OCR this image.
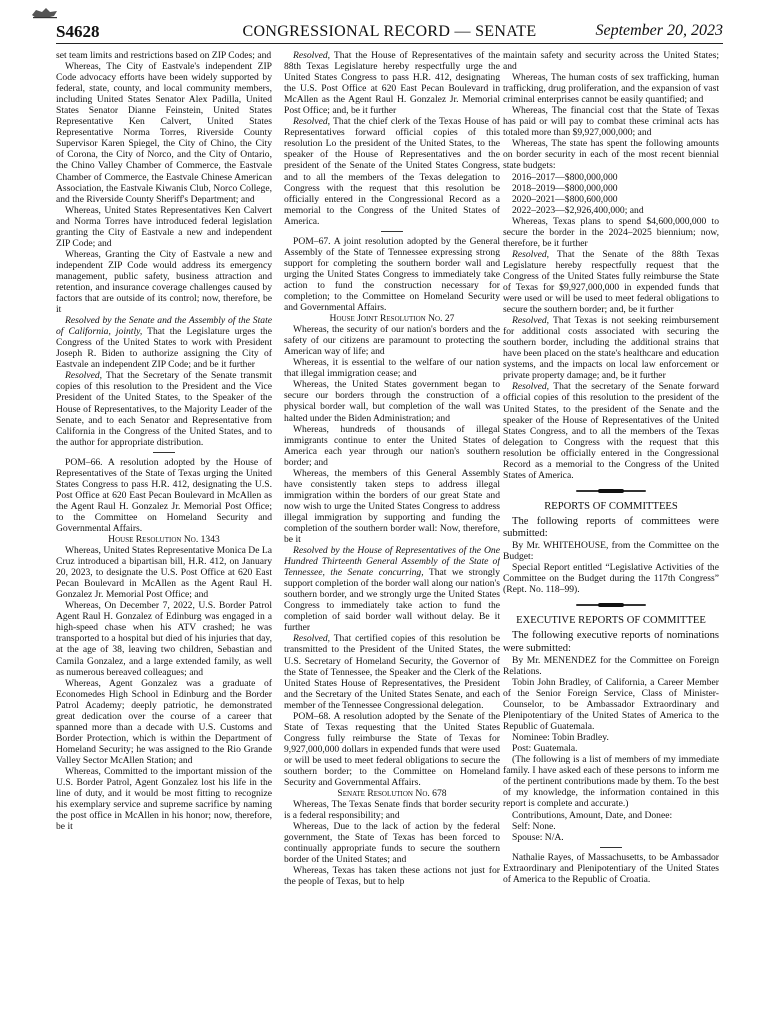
S4628	CONGRESSIONAL RECORD — SENATE	September 20, 2023

set team limits and restrictions based on ZIP Codes; and

Whereas, The City of Eastvale's independent ZIP Code advocacy efforts have been widely supported by federal, state, county, and local community members, including United States Senator Alex Padilla, United States Senator Dianne Feinstein, United States Representative Ken Calvert, United States Representative Norma Torres, Riverside County Supervisor Karen Spiegel, the City of Chino, the City of Corona, the City of Norco, and the City of Ontario, the Chino Valley Chamber of Commerce, the Eastvale Chamber of Commerce, the Eastvale Chinese American Association, the Eastvale Kiwanis Club, Norco College, and the Riverside County Sheriff's Department; and

Whereas, United States Representatives Ken Calvert and Norma Torres have introduced federal legislation granting the City of Eastvale a new and independent ZIP Code; and

Whereas, Granting the City of Eastvale a new and independent ZIP Code would address its emergency management, public safety, business attraction and retention, and insurance coverage challenges caused by factors that are outside of its control; now, therefore, be it

Resolved by the Senate and the Assembly of the State of California, jointly, That the Legislature urges the Congress of the United States to work with President Joseph R. Biden to authorize assigning the City of Eastvale an independent ZIP Code; and be it further

Resolved, That the Secretary of the Senate transmit copies of this resolution to the President and the Vice President of the United States, to the Speaker of the House of Representatives, to the Majority Leader of the Senate, and to each Senator and Representative from California in the Congress of the United States, and to the author for appropriate distribution.

POM–66. A resolution adopted by the House of Representatives of the State of Texas urging the United States Congress to pass H.R. 412, designating the U.S. Post Office at 620 East Pecan Boulevard in McAllen as the Agent Raul H. Gonzalez Jr. Memorial Post Office; to the Committee on Homeland Security and Governmental Affairs.

House Resolution No. 1343

Whereas, United States Representative Monica De La Cruz introduced a bipartisan bill, H.R. 412, on January 20, 2023, to designate the U.S. Post Office at 620 East Pecan Boulevard in McAllen as the Agent Raul H. Gonzalez Jr. Memorial Post Office; and

Whereas, On December 7, 2022, U.S. Border Patrol Agent Raul H. Gonzalez of Edinburg was engaged in a high-speed chase when his ATV crashed; he was transported to a hospital but died of his injuries that day, at the age of 38, leaving two children, Sebastian and Camila Gonzalez, and a large extended family, as well as numerous bereaved colleagues; and

Whereas, Agent Gonzalez was a graduate of Economedes High School in Edinburg and the Border Patrol Academy; deeply patriotic, he demonstrated great dedication over the course of a career that spanned more than a decade with U.S. Customs and Border Protection, which is within the Department of Homeland Security; he was assigned to the Rio Grande Valley Sector McAllen Station; and

Whereas, Committed to the important mission of the U.S. Border Patrol, Agent Gonzalez lost his life in the line of duty, and it would be most fitting to recognize his exemplary service and supreme sacrifice by naming the post office in McAllen in his honor; now, therefore, be it

Resolved, That the House of Representatives of the 88th Texas Legislature hereby respectfully urge the United States Congress to pass H.R. 412, designating the U.S. Post Office at 620 East Pecan Boulevard in McAllen as the Agent Raul H. Gonzalez Jr. Memorial Post Office; and, be it further

Resolved, That the chief clerk of the Texas House of Representatives forward official copies of this resolution Lo the president of the United States, to the speaker of the House of Representatives and the president of the Senate of the United States Congress, and to all the members of the Texas delegation to Congress with the request that this resolution be officially entered in the Congressional Record as a memorial to the Congress of the United States of America.

POM–67. A joint resolution adopted by the General Assembly of the State of Tennessee expressing strong support for completing the southern border wall and urging the United States Congress to immediately take action to fund the construction necessary for completion; to the Committee on Homeland Security and Governmental Affairs.

House Joint Resolution No. 27

Whereas, the security of our nation's borders and the safety of our citizens are paramount to protecting the American way of life; and

Whereas, it is essential to the welfare of our nation that illegal immigration cease; and

Whereas, the United States government began to secure our borders through the construction of a physical border wall, but completion of the wall was halted under the Biden Administration; and

Whereas, hundreds of thousands of illegal immigrants continue to enter the United States of America each year through our nation's southern border; and

Whereas, the members of this General Assembly have consistently taken steps to address illegal immigration within the borders of our great State and now wish to urge the United States Congress to address illegal immigration by supporting and funding the completion of the southern border wall: Now, therefore, be it

Resolved by the House of Representatives of the One Hundred Thirteenth General Assembly of the State of Tennessee, the Senate concurring, That we strongly support completion of the border wall along our nation's southern border, and we strongly urge the United States Congress to immediately take action to fund the completion of said border wall without delay. Be it further

Resolved, That certified copies of this resolution be transmitted to the President of the United States, the U.S. Secretary of Homeland Security, the Governor of the State of Tennessee, the Speaker and the Clerk of the United States House of Representatives, the President and the Secretary of the United States Senate, and each member of the Tennessee Congressional delegation.

POM–68. A resolution adopted by the Senate of the State of Texas requesting that the United States Congress fully reimburse the State of Texas for 9,927,000,000 dollars in expended funds that were used or will be used to meet federal obligations to secure the southern border; to the Committee on Homeland Security and Governmental Affairs.

Senate Resolution No. 678

Whereas, The Texas Senate finds that border security is a federal responsibility; and

Whereas, Due to the lack of action by the federal government, the State of Texas has been forced to continually appropriate funds to secure the southern border of the United States; and

Whereas, Texas has taken these actions not just for the people of Texas, but to help

maintain safety and security across the United States; and

Whereas, The human costs of sex trafficking, human trafficking, drug proliferation, and the expansion of vast criminal enterprises cannot be easily quantified; and

Whereas, The financial cost that the State of Texas has paid or will pay to combat these criminal acts has totaled more than $9,927,000,000; and

Whereas, The state has spent the following amounts on border security in each of the most recent biennial state budgets:

2016–2017—$800,000,000

2018–2019—$800,000,000

2020–2021—$800,600,000

2022–2023—$2,926,400,000; and

Whereas, Texas plans to spend $4,600,000,000 to secure the border in the 2024–2025 biennium; now, therefore, be it further

Resolved, That the Senate of the 88th Texas Legislature hereby respectfully request that the Congress of the United States fully reimburse the State of Texas for $9,927,000,000 in expended funds that were used or will be used to meet federal obligations to secure the southern border; and, be it further

Resolved, That Texas is not seeking reimbursement for additional costs associated with securing the southern border, including the additional strains that have been placed on the state's healthcare and education systems, and the impacts on local law enforcement or private property damage; and, be it further

Resolved, That the secretary of the Senate forward official copies of this resolution to the president of the United States, to the president of the Senate and the speaker of the House of Representatives of the United States Congress, and to all the members of the Texas delegation to Congress with the request that this resolution be officially entered in the Congressional Record as a memorial to the Congress of the United States of America.

REPORTS OF COMMITTEES

The following reports of committees were submitted:

By Mr. WHITEHOUSE, from the Committee on the Budget:

Special Report entitled “Legislative Activities of the Committee on the Budget during the 117th Congress” (Rept. No. 118–99).

EXECUTIVE REPORTS OF COMMITTEE

The following executive reports of nominations were submitted:

By Mr. MENENDEZ for the Committee on Foreign Relations.

Tobin John Bradley, of California, a Career Member of the Senior Foreign Service, Class of Minister-Counselor, to be Ambassador Extraordinary and Plenipotentiary of the United States of America to the Republic of Guatemala.

Nominee: Tobin Bradley.

Post: Guatemala.

(The following is a list of members of my immediate family. I have asked each of these persons to inform me of the pertinent contributions made by them. To the best of my knowledge, the information contained in this report is complete and accurate.)

Contributions, Amount, Date, and Donee:

Self: None.

Spouse: N/A.

Nathalie Rayes, of Massachusetts, to be Ambassador Extraordinary and Plenipotentiary of the United States of America to the Republic of Croatia.
